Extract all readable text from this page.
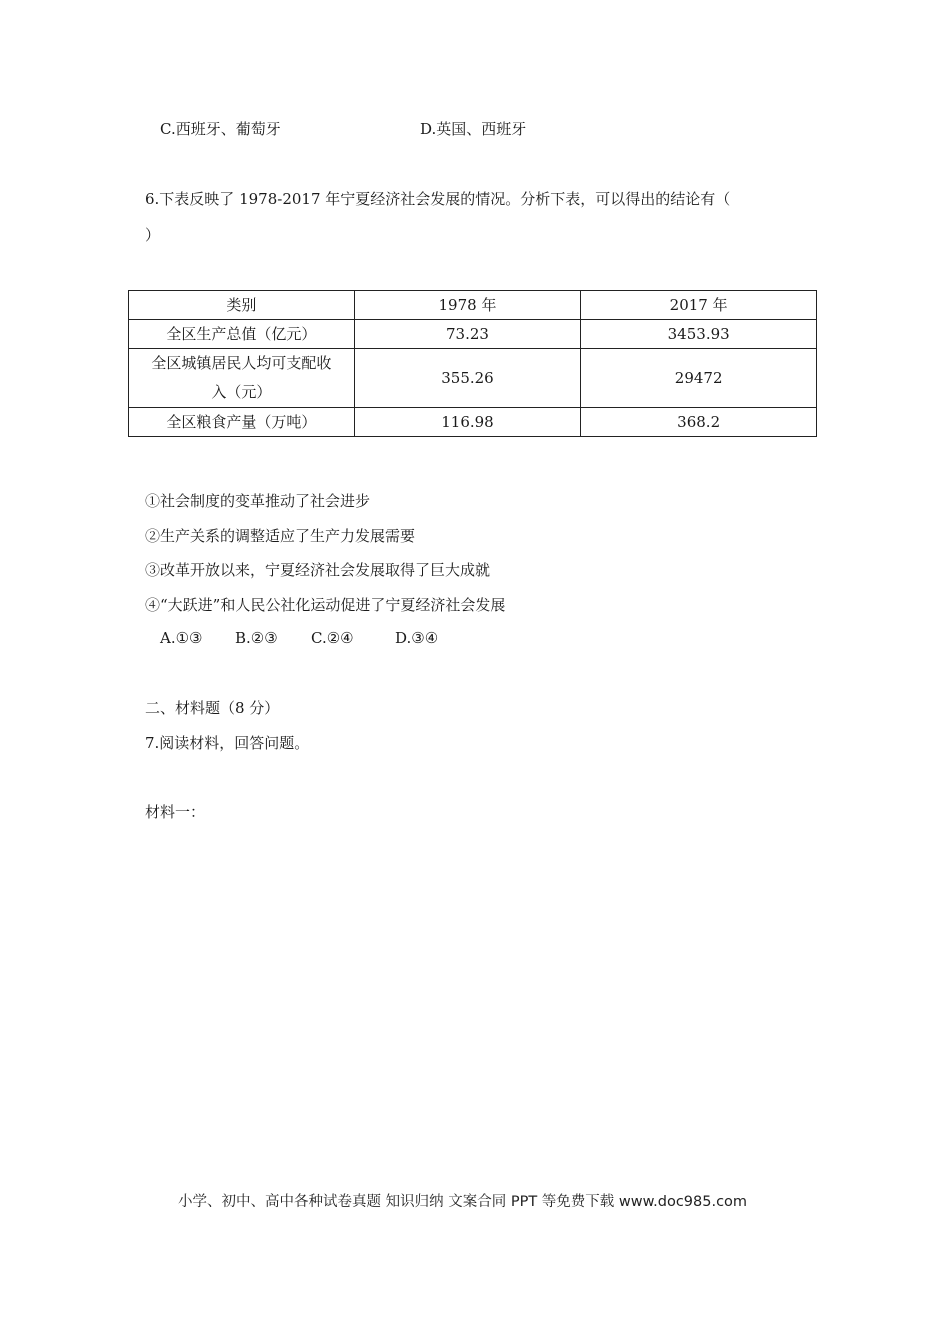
C.西班牙、葡萄牙	D.英国、西班牙
6.下表反映了 1978-2017 年宁夏经济社会发展的情况。分析下表，可以得出的结论有（
）
类别	1978 年	2017 年
全区生产总值（亿元）	73.23	3453.93

全区城镇居民人均可支配收
入（元）	355.26	29472
全区粮食产量（万吨）	116.98	368.2
①社会制度的变革推动了社会进步
②生产关系的调整适应了生产力发展需要
③改革开放以来，宁夏经济社会发展取得了巨大成就
④“大跃进”和人民公社化运动促进了宁夏经济社会发展
A.①③ B.②③ C.②④	D.③④
二、材料题（8 分）
7.阅读材料，回答问题。
材料一：
小学、初中、高中各种试卷真题 知识归纳 文案合同 PPT 等免费下载 www.doc985.com
